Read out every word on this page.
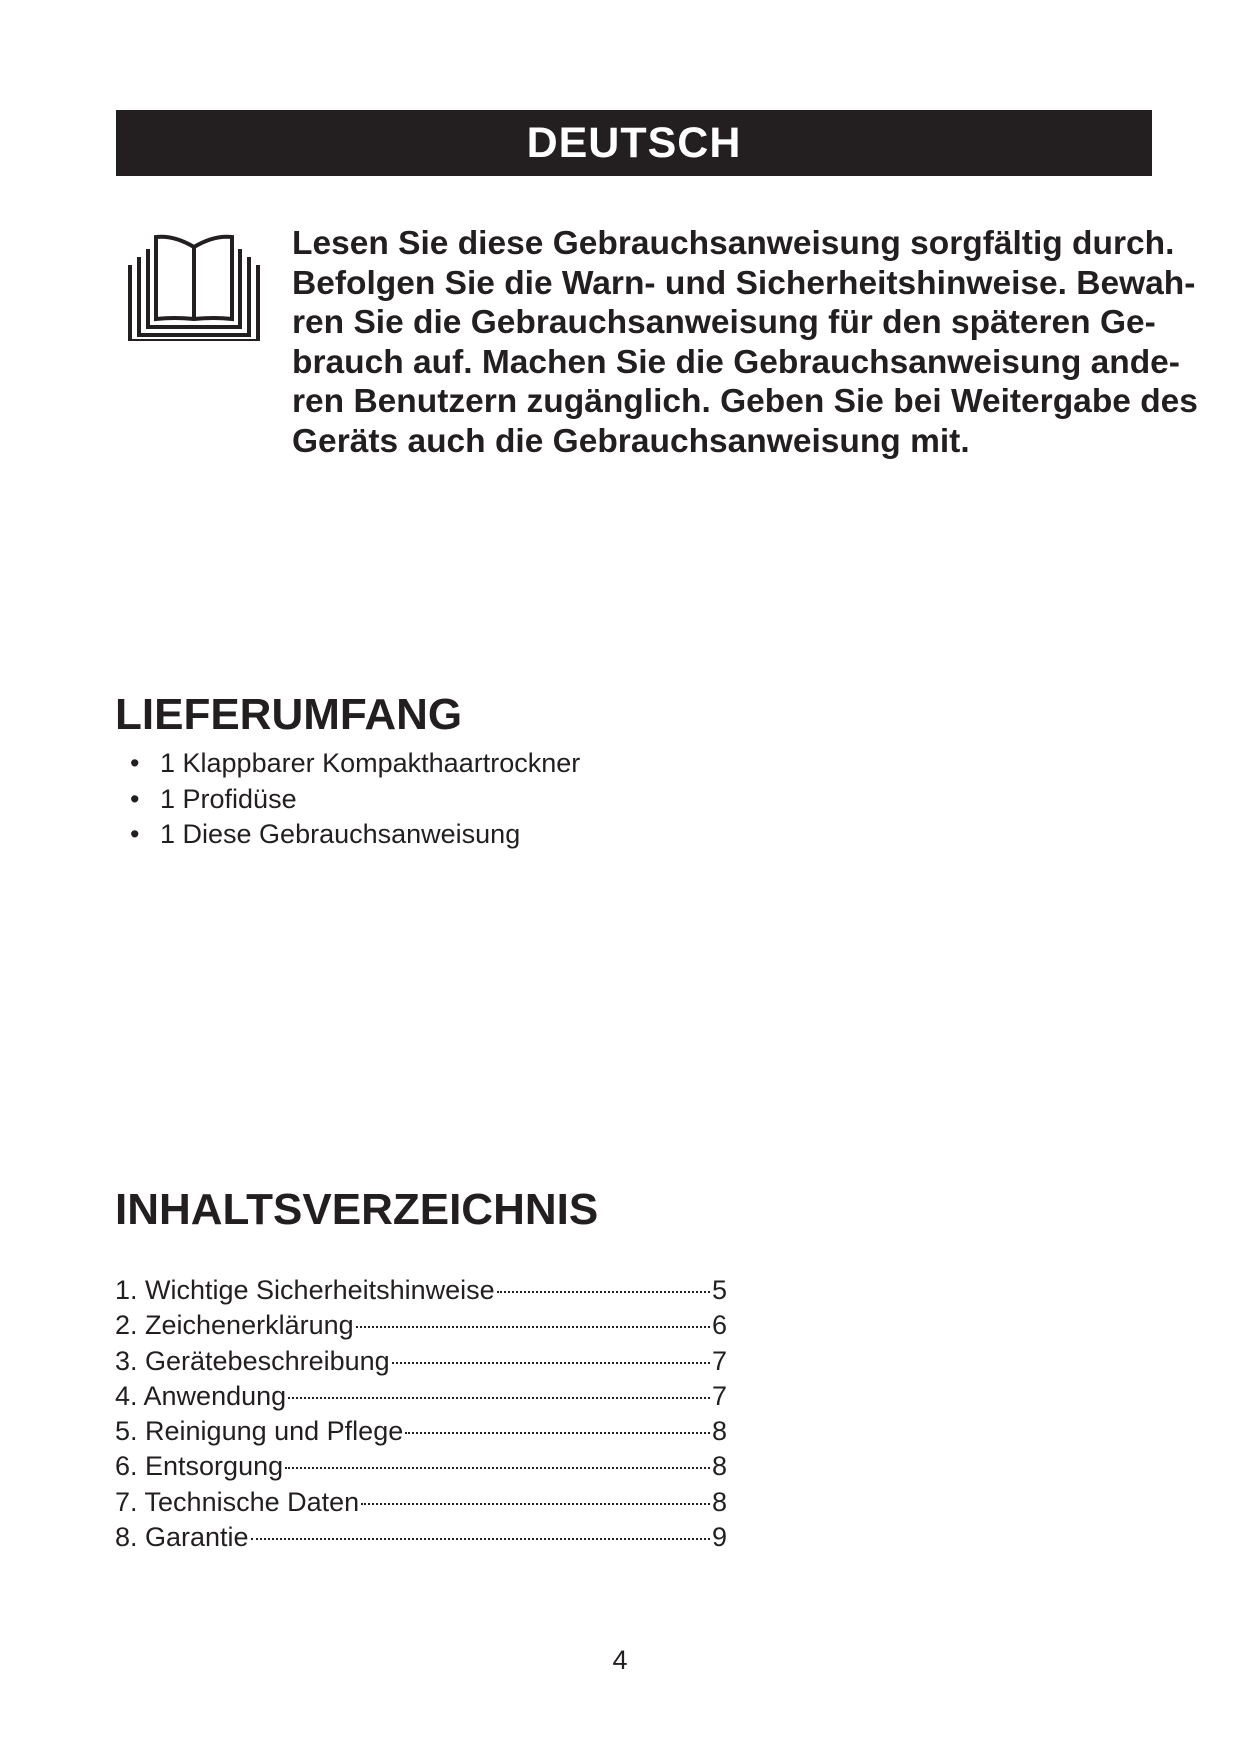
DEUTSCH

Lesen Sie diese Gebrauchsanweisung sorgfältig durch.
Befolgen Sie die Warn- und Sicherheitshinweise. Bewah-
ren Sie die Gebrauchsanweisung für den späteren Ge-
brauch auf. Machen Sie die Gebrauchsanweisung ande-
ren Benutzern zugänglich. Geben Sie bei Weitergabe des
Geräts auch die Gebrauchsanweisung mit.

LIEFERUMFANG
• 1 Klappbarer Kompakthaartrockner
• 1 Profidüse
• 1 Diese Gebrauchsanweisung
INHALTSVERZEICHNIS
1. Wichtige Sicherheitshinweise	5
2. Zeichenerklärung	6
3. Gerätebeschreibung	7
4. Anwendung	7
5. Reinigung und Pflege	8
6. Entsorgung	8
7. Technische Daten	8
8. Garantie	9
4
